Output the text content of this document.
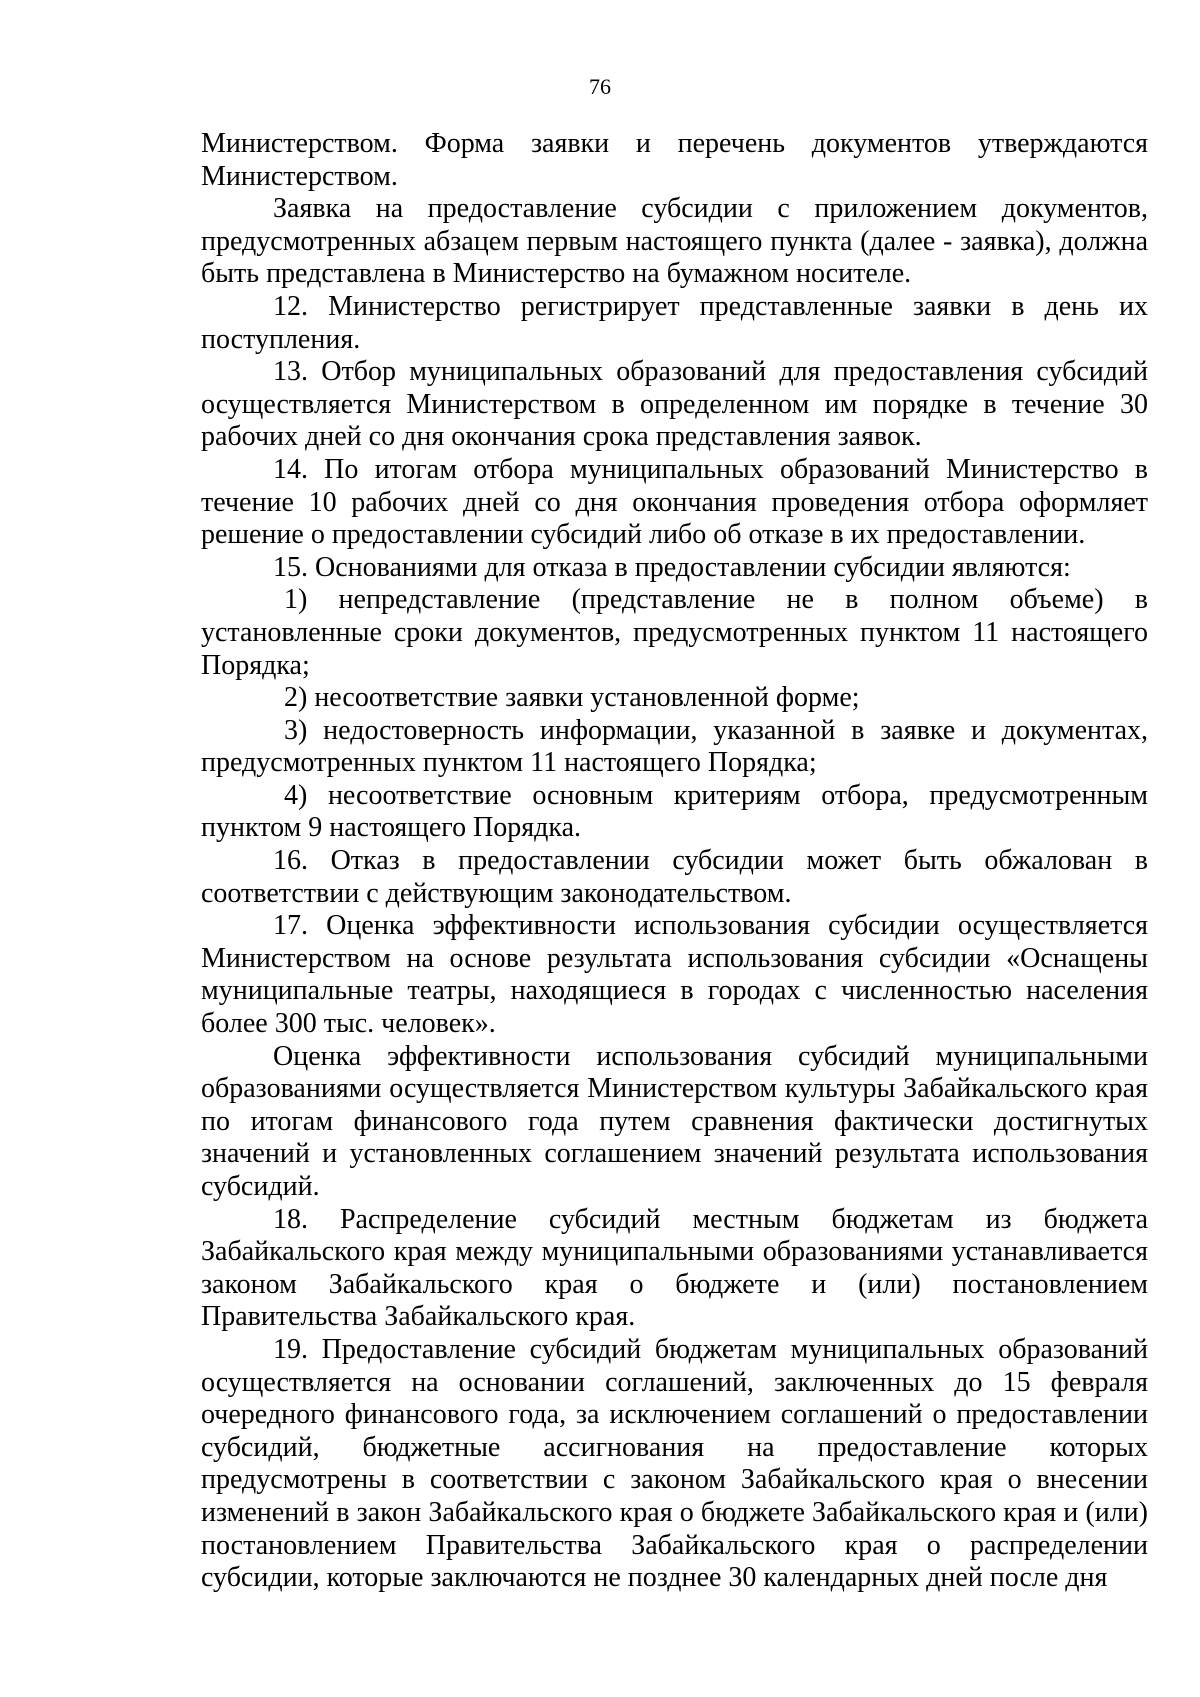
76

Министерством. Форма заявки и перечень документов утверждаются Министерством.

Заявка на предоставление субсидии с приложением документов, предусмотренных абзацем первым настоящего пункта (далее - заявка), должна быть представлена в Министерство на бумажном носителе.

12. Министерство регистрирует представленные заявки в день их поступления.

13. Отбор муниципальных образований для предоставления субсидий осуществляется Министерством в определенном им порядке в течение 30 рабочих дней со дня окончания срока представления заявок.

14. По итогам отбора муниципальных образований Министерство в течение 10 рабочих дней со дня окончания проведения отбора оформляет решение о предоставлении субсидий либо об отказе в их предоставлении.

15. Основаниями для отказа в предоставлении субсидии являются:

1) непредставление (представление не в полном объеме) в установленные сроки документов, предусмотренных пунктом 11 настоящего Порядка;

2) несоответствие заявки установленной форме;

3) недостоверность информации, указанной в заявке и документах, предусмотренных пунктом 11 настоящего Порядка;

4) несоответствие основным критериям отбора, предусмотренным пунктом 9 настоящего Порядка.

16. Отказ в предоставлении субсидии может быть обжалован в соответствии с действующим законодательством.

17. Оценка эффективности использования субсидии осуществляется Министерством на основе результата использования субсидии «Оснащены муниципальные театры, находящиеся в городах с численностью населения более 300 тыс. человек».

Оценка эффективности использования субсидий муниципальными образованиями осуществляется Министерством культуры Забайкальского края по итогам финансового года путем сравнения фактически достигнутых значений и установленных соглашением значений результата использования субсидий.

18. Распределение субсидий местным бюджетам из бюджета Забайкальского края между муниципальными образованиями устанавливается законом Забайкальского края о бюджете и (или) постановлением Правительства Забайкальского края.

19. Предоставление субсидий бюджетам муниципальных образований осуществляется на основании соглашений, заключенных до 15 февраля очередного финансового года, за исключением соглашений о предоставлении субсидий, бюджетные ассигнования на предоставление которых предусмотрены в соответствии с законом Забайкальского края о внесении изменений в закон Забайкальского края о бюджете Забайкальского края и (или) постановлением Правительства Забайкальского края о распределении субсидии, которые заключаются не позднее 30 календарных дней после дня
